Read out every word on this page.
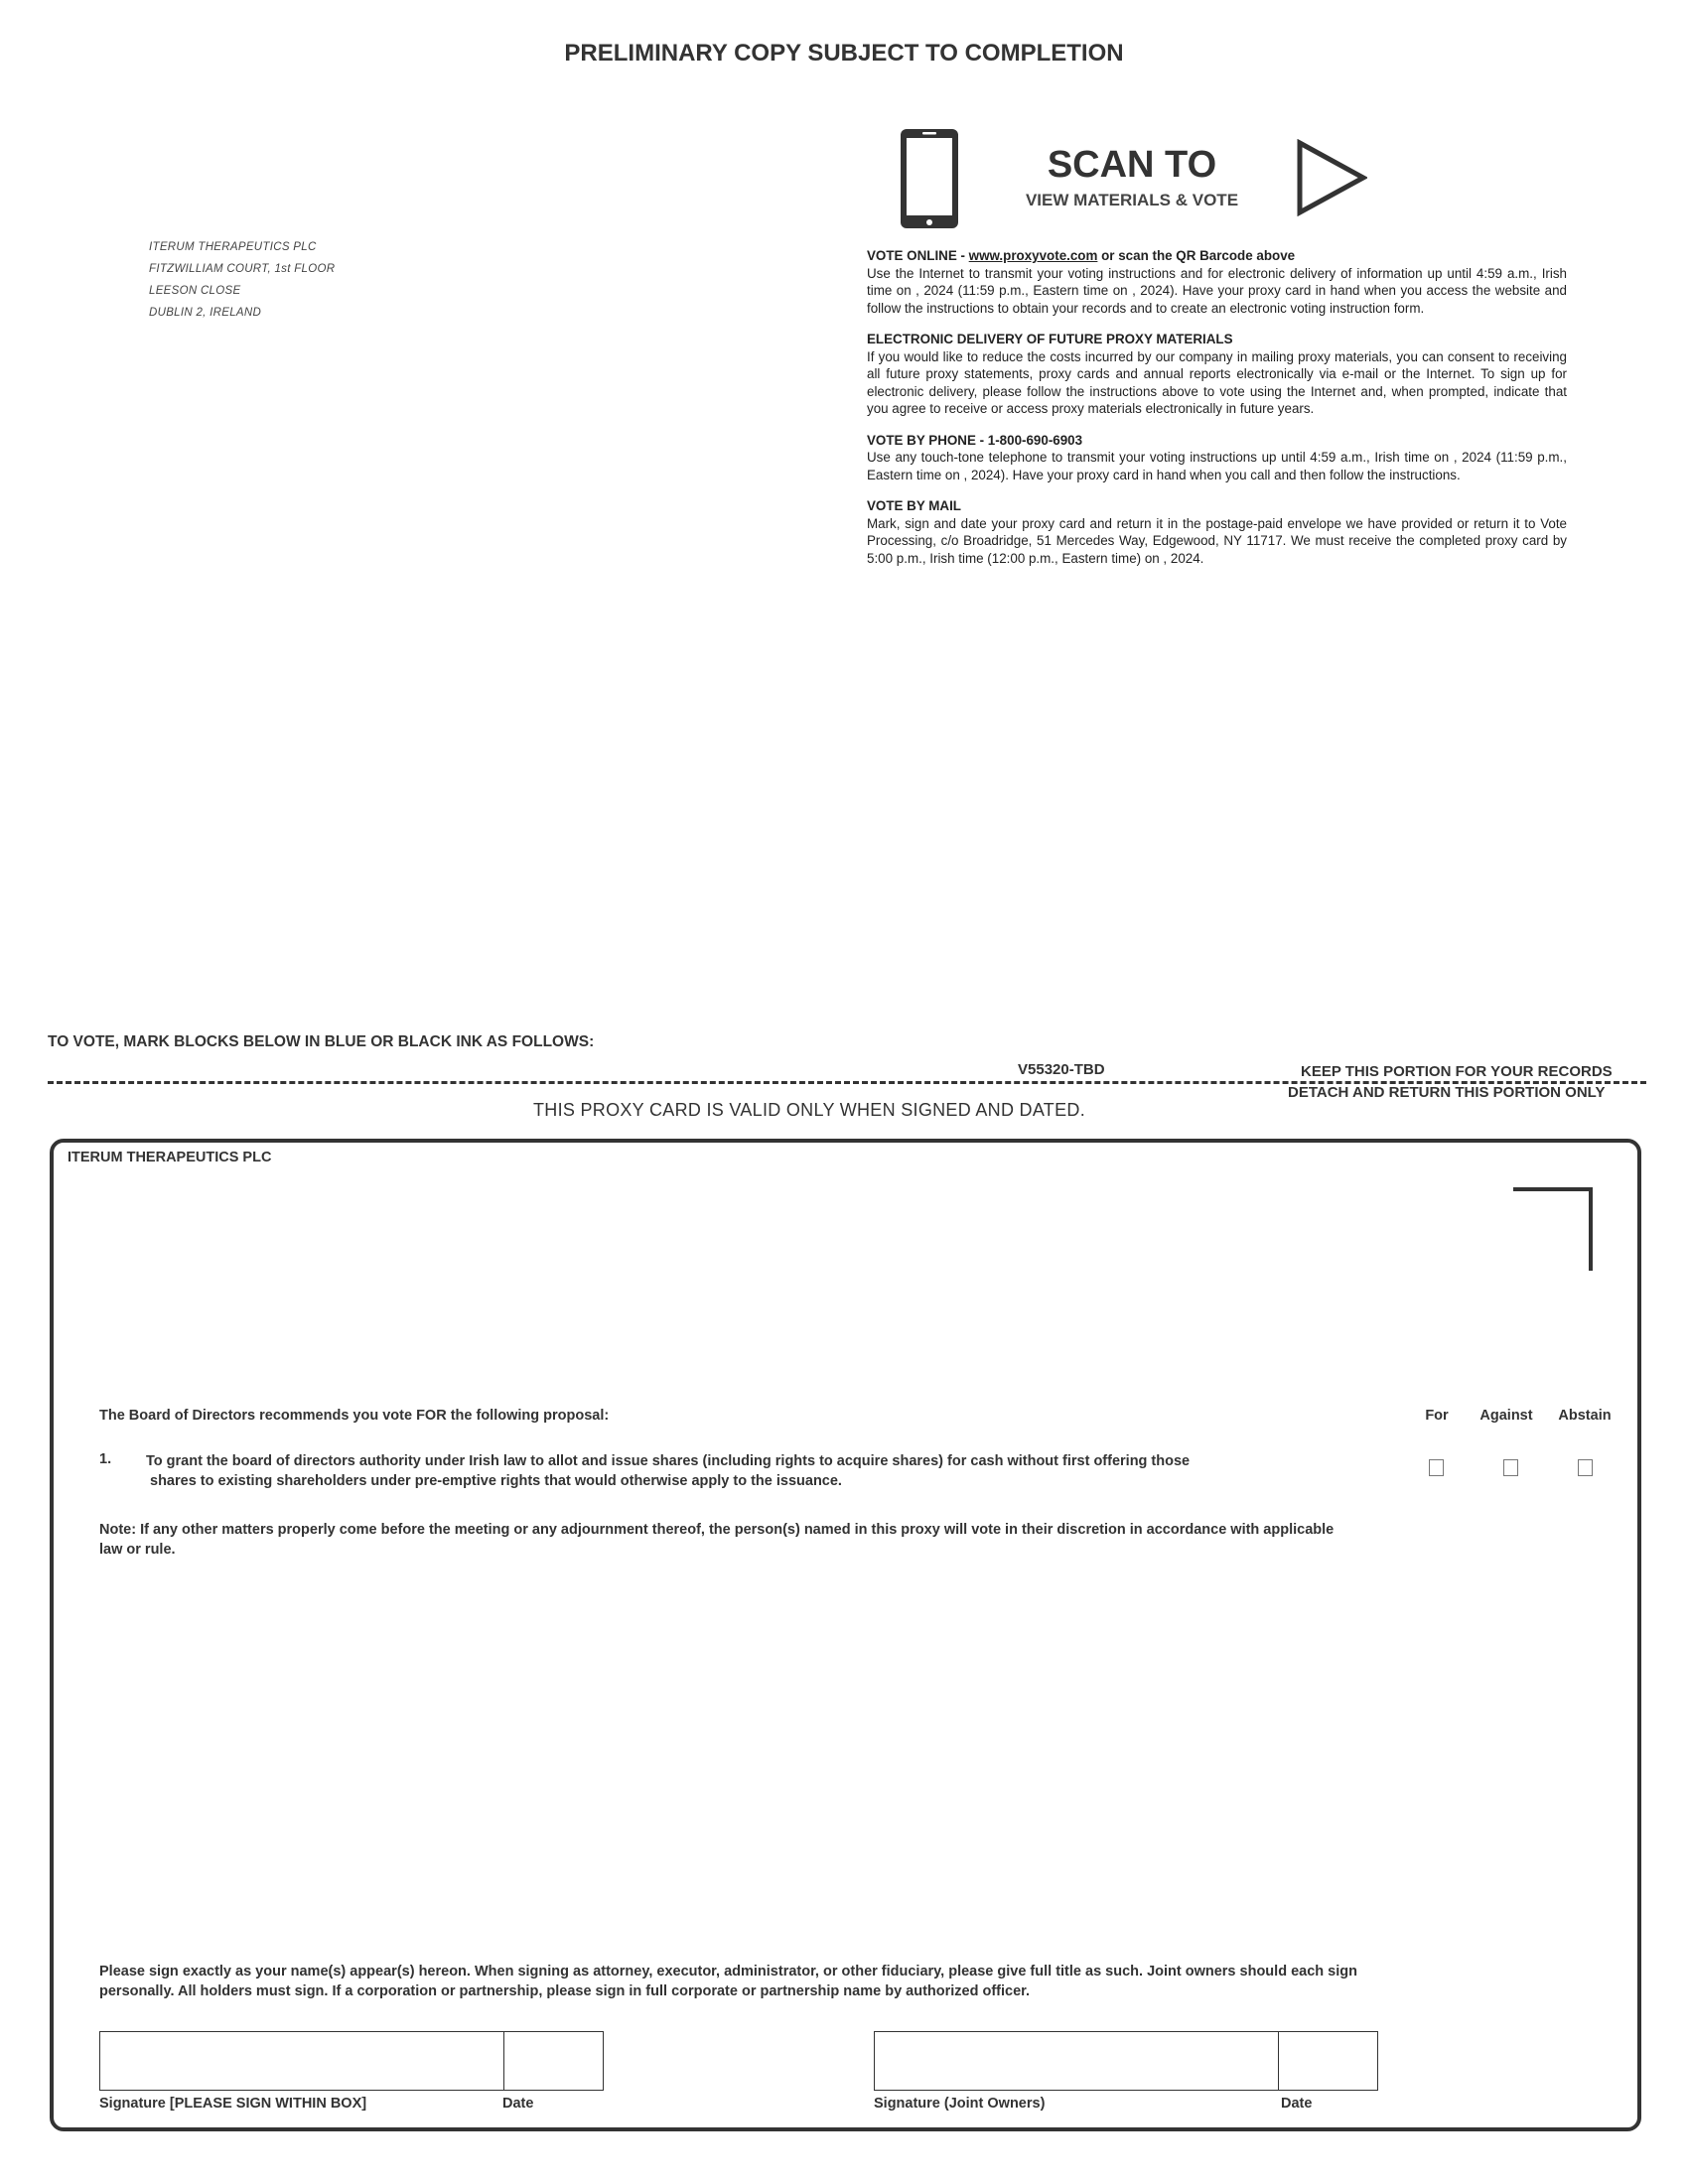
PRELIMINARY COPY SUBJECT TO COMPLETION
ITERUM THERAPEUTICS PLC
FITZWILLIAM COURT, 1st FLOOR
LEESON CLOSE
DUBLIN 2, IRELAND
SCAN TO
VIEW MATERIALS & VOTE
VOTE ONLINE - www.proxyvote.com or scan the QR Barcode above
Use the Internet to transmit your voting instructions and for electronic delivery of information up until 4:59 a.m., Irish time on , 2024 (11:59 p.m., Eastern time on , 2024). Have your proxy card in hand when you access the website and follow the instructions to obtain your records and to create an electronic voting instruction form.
ELECTRONIC DELIVERY OF FUTURE PROXY MATERIALS
If you would like to reduce the costs incurred by our company in mailing proxy materials, you can consent to receiving all future proxy statements, proxy cards and annual reports electronically via e-mail or the Internet. To sign up for electronic delivery, please follow the instructions above to vote using the Internet and, when prompted, indicate that you agree to receive or access proxy materials electronically in future years.
VOTE BY PHONE - 1-800-690-6903
Use any touch-tone telephone to transmit your voting instructions up until 4:59 a.m., Irish time on , 2024 (11:59 p.m., Eastern time on , 2024). Have your proxy card in hand when you call and then follow the instructions.
VOTE BY MAIL
Mark, sign and date your proxy card and return it in the postage-paid envelope we have provided or return it to Vote Processing, c/o Broadridge, 51 Mercedes Way, Edgewood, NY 11717. We must receive the completed proxy card by 5:00 p.m., Irish time (12:00 p.m., Eastern time) on , 2024.
TO VOTE, MARK BLOCKS BELOW IN BLUE OR BLACK INK AS FOLLOWS:
V55320-TBD	KEEP THIS PORTION FOR YOUR RECORDS
DETACH AND RETURN THIS PORTION ONLY
THIS PROXY CARD IS VALID ONLY WHEN SIGNED AND DATED.
ITERUM THERAPEUTICS PLC
The Board of Directors recommends you vote FOR the following proposal:	For	Against	Abstain
1. To grant the board of directors authority under Irish law to allot and issue shares (including rights to acquire shares) for cash without first offering those
shares to existing shareholders under pre-emptive rights that would otherwise apply to the issuance.
Note: If any other matters properly come before the meeting or any adjournment thereof, the person(s) named in this proxy will vote in their discretion in accordance with applicable law or rule.
Please sign exactly as your name(s) appear(s) hereon. When signing as attorney, executor, administrator, or other fiduciary, please give full title as such. Joint owners should each sign personally. All holders must sign. If a corporation or partnership, please sign in full corporate or partnership name by authorized officer.
Signature [PLEASE SIGN WITHIN BOX]	Date	Signature (Joint Owners)	Date
